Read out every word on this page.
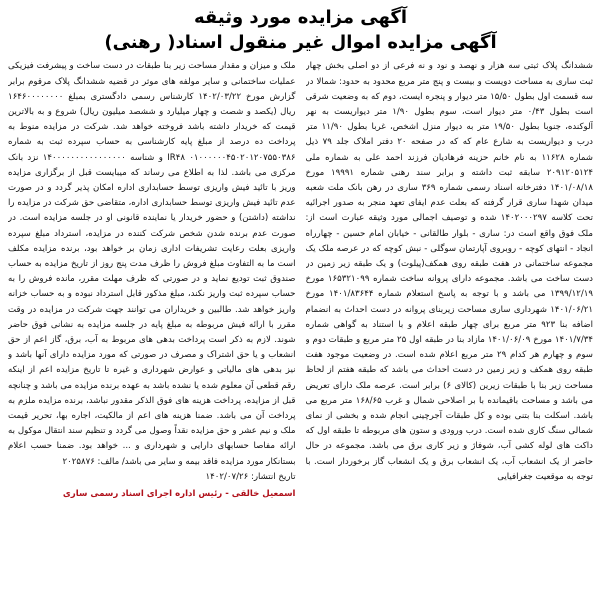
آگهی مزایده مورد وثیقه
آگهی مزایده اموال غیر منقول اسناد( رهنی)

ششدانگ پلاک ثبتی سه هزار و نهصد و نود و نه فرعی از دو اصلی بخش چهار ثبت ساری به مساحت دویست و بیست و پنج متر مربع محدود به حدود: شمالا در سه قسمت اول بطول ۱۵/۵۰ متر دیوار و پنجره ایست، دوم که به وضعیت شرقی است بطول ۰/۴۳ متر دیوار است، سوم بطول ۱/۹۰ متر دیواریست به نهر آلوکنده، جنوبا بطول ۱۹/۵۰ متر به دیوار منزل اشخص، غربا بطول ۱۱/۹۰ متر درب و دیواریست به شارع عام که که در صفحه ۲۰ دفتر املاک جلد ۷۹ ذیل شماره ۱۱۶۲۸ به نام خانم حزینه فرهادیان فرزند احمد علی به شماره ملی ۲۰۹۱۲۰۵۱۲۴ سابقه ثبت داشته و برابر سند رهنی شماره ۱۹۹۹۱ مورخ ۱۴۰۱/۰۸/۱۸ دفترخانه اسناد رسمی شماره ۳۶۹ ساری در رهن بانک ملت شعبه میدان شهدا ساری قرار گرفته که بعلت عدم ایفای تعهد منجر به صدور اجرائیه تحت کلاسه ۱۴۰۲۰۰۰۲۹۷ شده و توصیف اجمالی مورد وثیقه عبارت است از: ملک فوق واقع است در: ساری - بلوار طالقانی - خیابان امام حسین - چهارراه انجاد - انتهای کوچه - روبروی آپارتمان سوگلی - نبش کوچه که در عرصه ملک یک مجموعه ساختمانی در هفت طبقه روی همکف(پیلوت) و یک طبقه زیر زمین در دست ساخت می باشد. مجموعه دارای پروانه ساخت شماره ۱۶۵۳۲۱۰۹۹ مورخ ۱۳۹۹/۱۲/۱۹ می باشد و با توجه به پاسخ استعلام شماره ۱۴۰۱/۸۳۶۴۴ مورخ ۱۴۰۱/۰۶/۲۱ شهرداری ساری مساحت زیربنای پروانه در دست احداث به انضمام اضافه بنا ۹۲۳ متر مربع برای چهار طبقه اعلام و با استناد به گواهی شماره ۱۴۰۱/۷/۳۴ مورخ ۱۴۰۱/۰۶/۰۹ مازاد بنا در طبقه اول ۲۵ متر مربع و طبقات دوم و سوم و چهارم هر کدام ۲۹ متر مربع اعلام شده است. در وضعیت موجود هفت طبقه روی همکف و زیر زمین در دست احداث می باشد که طبقه هفتم از لحاظ مساحت زیر بنا با طبقات زیرین (کالای ۶) برابر است. عرصه ملک دارای تعریض می باشد و مساحت باقیمانده با بر اصلاحی شمال و غرب ۱۶۸/۶۵ متر مربع می باشد. اسکلت بنا بتنی بوده و کل طبقات آجرچینی انجام شده و بخشی از نمای شمالی سنگ کاری شده است. درب ورودی و ستون های مربوطه تا طبقه اول که داکت های لوله کشی آب، شوفاژ و زیر کاری برق می باشد. مجموعه در حال حاضر از یک انشعاب آب، یک انشعاب برق و یک انشعاب گاز برخوردار است. با توجه به موقعیت جغرافیایی

ملک و میزان و مقدار مساحت زیر بنا طبقات در دست ساخت و پیشرفت فیزیکی عملیات ساختمانی و سایر مولفه های موثر در قضیه ششدانگ پلاک مرقوم برابر گزارش مورخ ۱۴۰۲/۰۳/۲۲ کارشناس رسمی دادگستری بمبلغ ۱۶۴۶۰۰۰۰۰۰۰۰ ریال (یکصد و شصت و چهار میلیارد و ششصد میلیون ریال) شروع و به بالاترین قیمت که خریدار داشته باشد فروخته خواهد شد. شرکت در مزایده منوط به پرداخت ده درصد از مبلغ پایه کارشناسی به حساب سپرده ثبت به شماره ۰۱۰۰۰۰۰۰۴۵۰۲۰۱۲۰۷۵۵۰۳۸۶ IR۴۸ و شناسه ۱۴۰۰۰۰۰۰۰۰۰۰۰۰۰۰۰۰ نزد بانک مرکزی می باشد. لذا به اطلاع می رساند که میبایست قبل از برگزاری مزایده وریز با تائید فیش واریزی توسط حسابداری اداره امکان پذیر گردد و در صورت عدم تائید فیش واریزی توسط حسابداری اداره، متقاضی حق شرکت در مزایده را نداشته (داشتن) و حضور خریدار یا نماینده قانونی او در جلسه مزایده است. در صورت عدم برنده شدن شخص شرکت کننده در مزایده، استرداد مبلغ سپرده واریزی بعلت رعایت تشریفات اداری زمان بر خواهد بود، برنده مزایده مکلف است ما به التفاوت مبلغ فروش را ظرف مدت پنج روز از تاریخ مزایده به حساب صندوق ثبت تودیع نماید و در صورتی که ظرف مهلت مقرر، مانده فروش را به حساب سپرده ثبت واریز نکند، مبلغ مذکور قابل استرداد نبوده و به حساب خزانه واریز خواهد شد. طالبین و خریداران می توانند جهت شرکت در مزایده در وقت مقرر با ارائه فیش مربوطه به مبلغ پایه در جلسه مزایده به نشانی فوق حاضر شوند. لازم به ذکر است پرداخت بدهی های مربوط به آب، برق، گاز اعم از حق انشعاب و یا حق اشتراک و مصرف در صورتی که مورد مزایده دارای آنها باشد و نیز بدهی های مالیاتی و عوارض شهرداری و غیره تا تاریخ مزایده اعم از اینکه رقم قطعی آن معلوم شده یا نشده باشد به عهده برنده مزایده می باشد و چنانچه قبل از مزایده، پرداخت هزینه های فوق الذکر مقدور نباشد، برنده مزایده ملزم به پرداخت آن می باشد. ضمنا هزینه های اعم از مالکیت، اجاره بها، تحریر قیمت ملک و نیم عشر و حق مزایده نقداً وصول می گردد و تنظیم سند انتقال موکول به ارائه مفاصا حسابهای دارایی و شهرداری و ... خواهد بود. ضمنا حسب اعلام بستانکار مورد مزایده فاقد بیمه و سایر می باشد/ مالف: ۲۰۲۵۸۷۶

تاریخ انتشار: ۱۴۰۲/۰۷/۲۶
اسمعیل خالقی - رئیس اداره اجرای اسناد رسمی ساری
